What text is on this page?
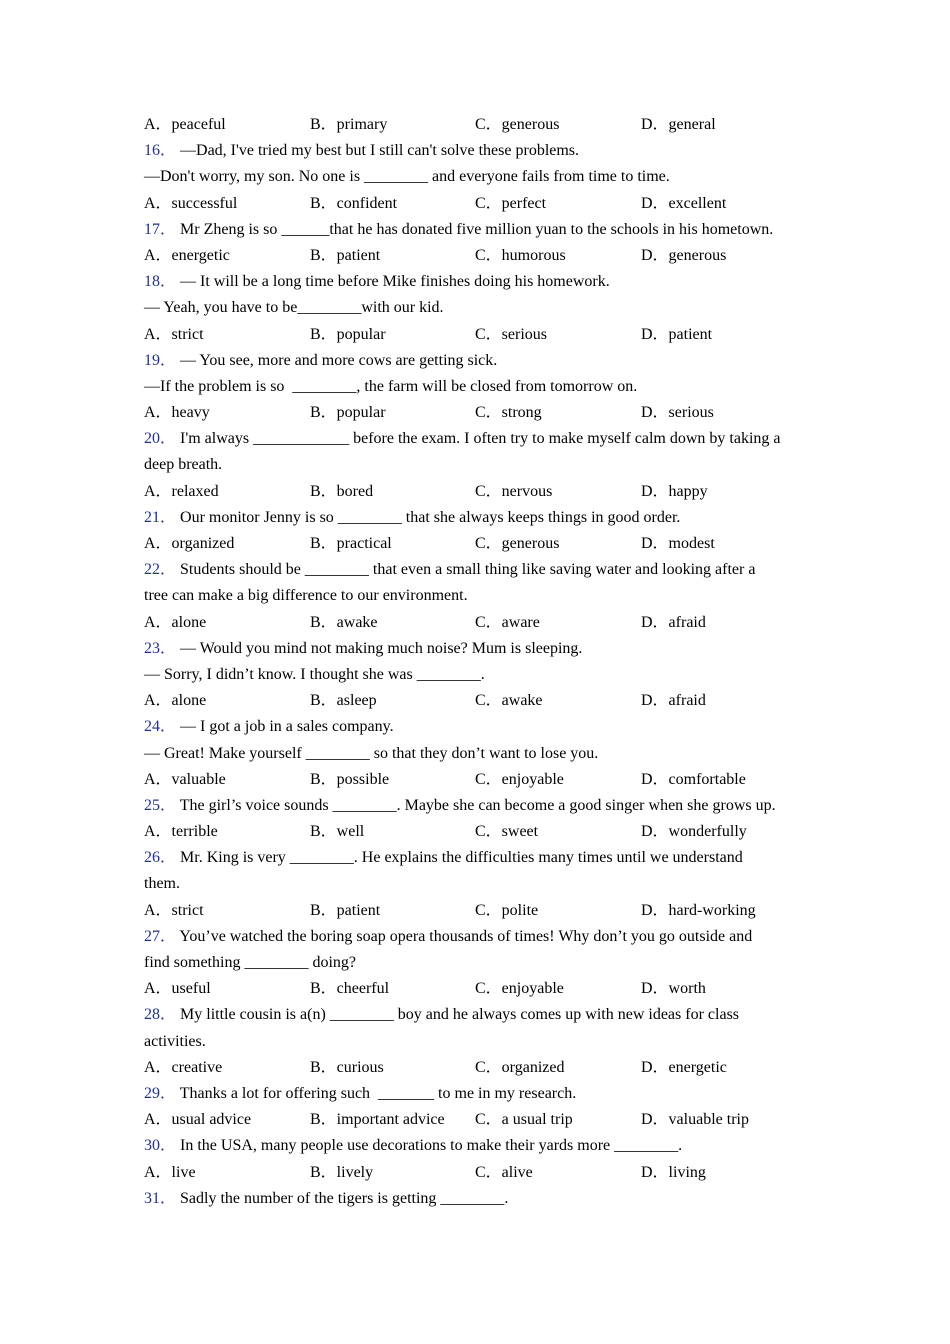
A．peaceful	B．primary	C．generous	D．general
16． —Dad, I've tried my best but I still can't solve these problems.
—Don't worry, my son. No one is ________ and everyone fails from time to time.
A．successful	B．confident	C．perfect	D．excellent
17． Mr Zheng is so ______that he has donated five million yuan to the schools in his hometown.
A．energetic	B．patient	C．humorous	D．generous
18． — It will be a long time before Mike finishes doing his homework.
— Yeah, you have to be________with our kid.
A．strict	B．popular	C．serious	D．patient
19． — You see, more and more cows are getting sick.
—If the problem is so  ________, the farm will be closed from tomorrow on.
A．heavy	B．popular	C．strong	D．serious
20． I'm always ____________ before the exam. I often try to make myself calm down by taking a
deep breath.
A．relaxed	B．bored	C．nervous	D．happy
21． Our monitor Jenny is so ________ that she always keeps things in good order.
A．organized	B．practical	C．generous	D．modest
22． Students should be ________ that even a small thing like saving water and looking after a
tree can make a big difference to our environment.
A．alone	B．awake	C．aware	D．afraid
23． — Would you mind not making much noise? Mum is sleeping.
— Sorry, I didn’t know. I thought she was ________.
A．alone	B．asleep	C．awake	D．afraid
24． — I got a job in a sales company.
— Great! Make yourself ________ so that they don’t want to lose you.
A．valuable	B．possible	C．enjoyable	D．comfortable
25． The girl’s voice sounds ________. Maybe she can become a good singer when she grows up.
A．terrible	B．well	C．sweet	D．wonderfully
26． Mr. King is very ________. He explains the difficulties many times until we understand
them.
A．strict	B．patient	C．polite	D．hard-working
27． You’ve watched the boring soap opera thousands of times! Why don’t you go outside and
find something ________ doing?
A．useful	B．cheerful	C．enjoyable	D．worth
28． My little cousin is a(n) ________ boy and he always comes up with new ideas for class
activities.
A．creative	B．curious	C．organized	D．energetic
29． Thanks a lot for offering such  _______ to me in my research.
A．usual advice	B．important advice C．a usual trip	D．valuable trip
30． In the USA, many people use decorations to make their yards more ________.
A．live	B．lively	C．alive	D．living
31． Sadly the number of the tigers is getting ________.
